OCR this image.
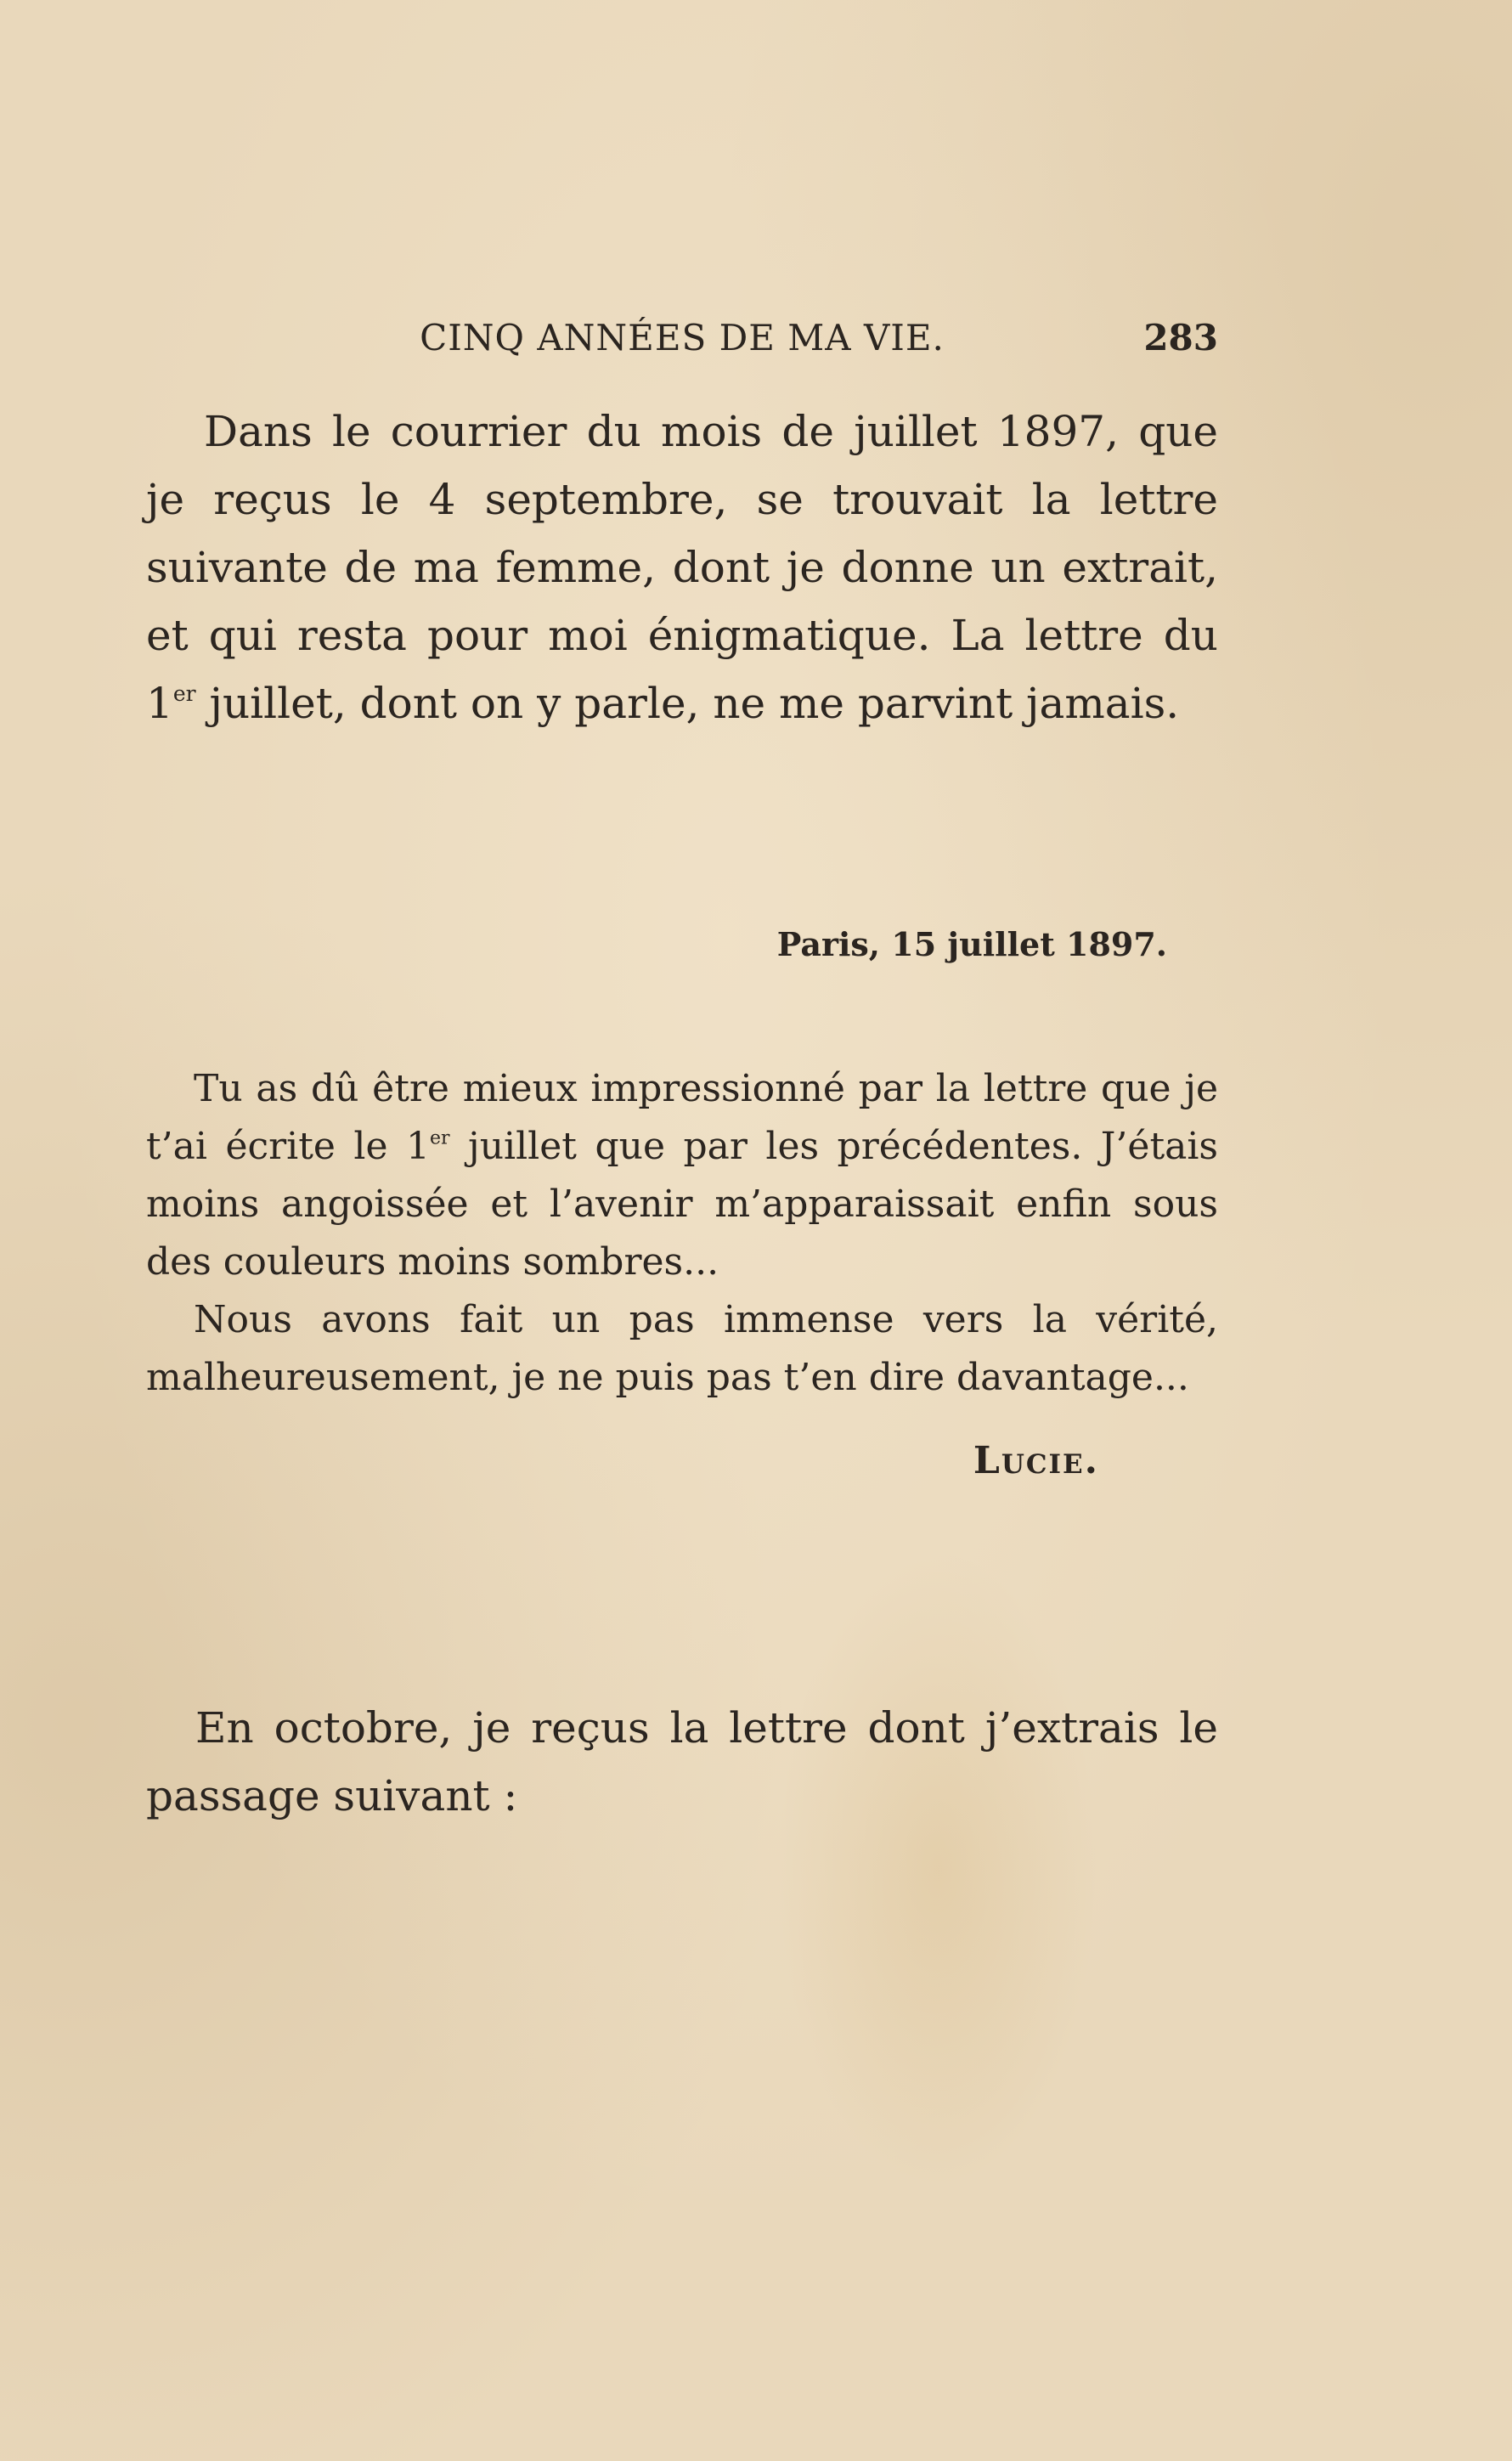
CINQ ANNÉES DE MA VIE.	283

Dans le courrier du mois de juillet 1897, que je reçus le 4 septembre, se trouvait la lettre suivante de ma femme, dont je donne un extrait, et qui resta pour moi énigmatique. La lettre du 1er juillet, dont on y parle, ne me parvint jamais.

Paris, 15 juillet 1897.

Tu as dû être mieux impressionné par la lettre que je t’ai écrite le 1er juillet que par les précédentes. J’étais moins angoissée et l’avenir m’apparaissait enfin sous des couleurs moins sombres...

Nous avons fait un pas immense vers la vérité, malheureusement, je ne puis pas t’en dire davantage...

Lucie.

En octobre, je reçus la lettre dont j’extrais le passage suivant :
